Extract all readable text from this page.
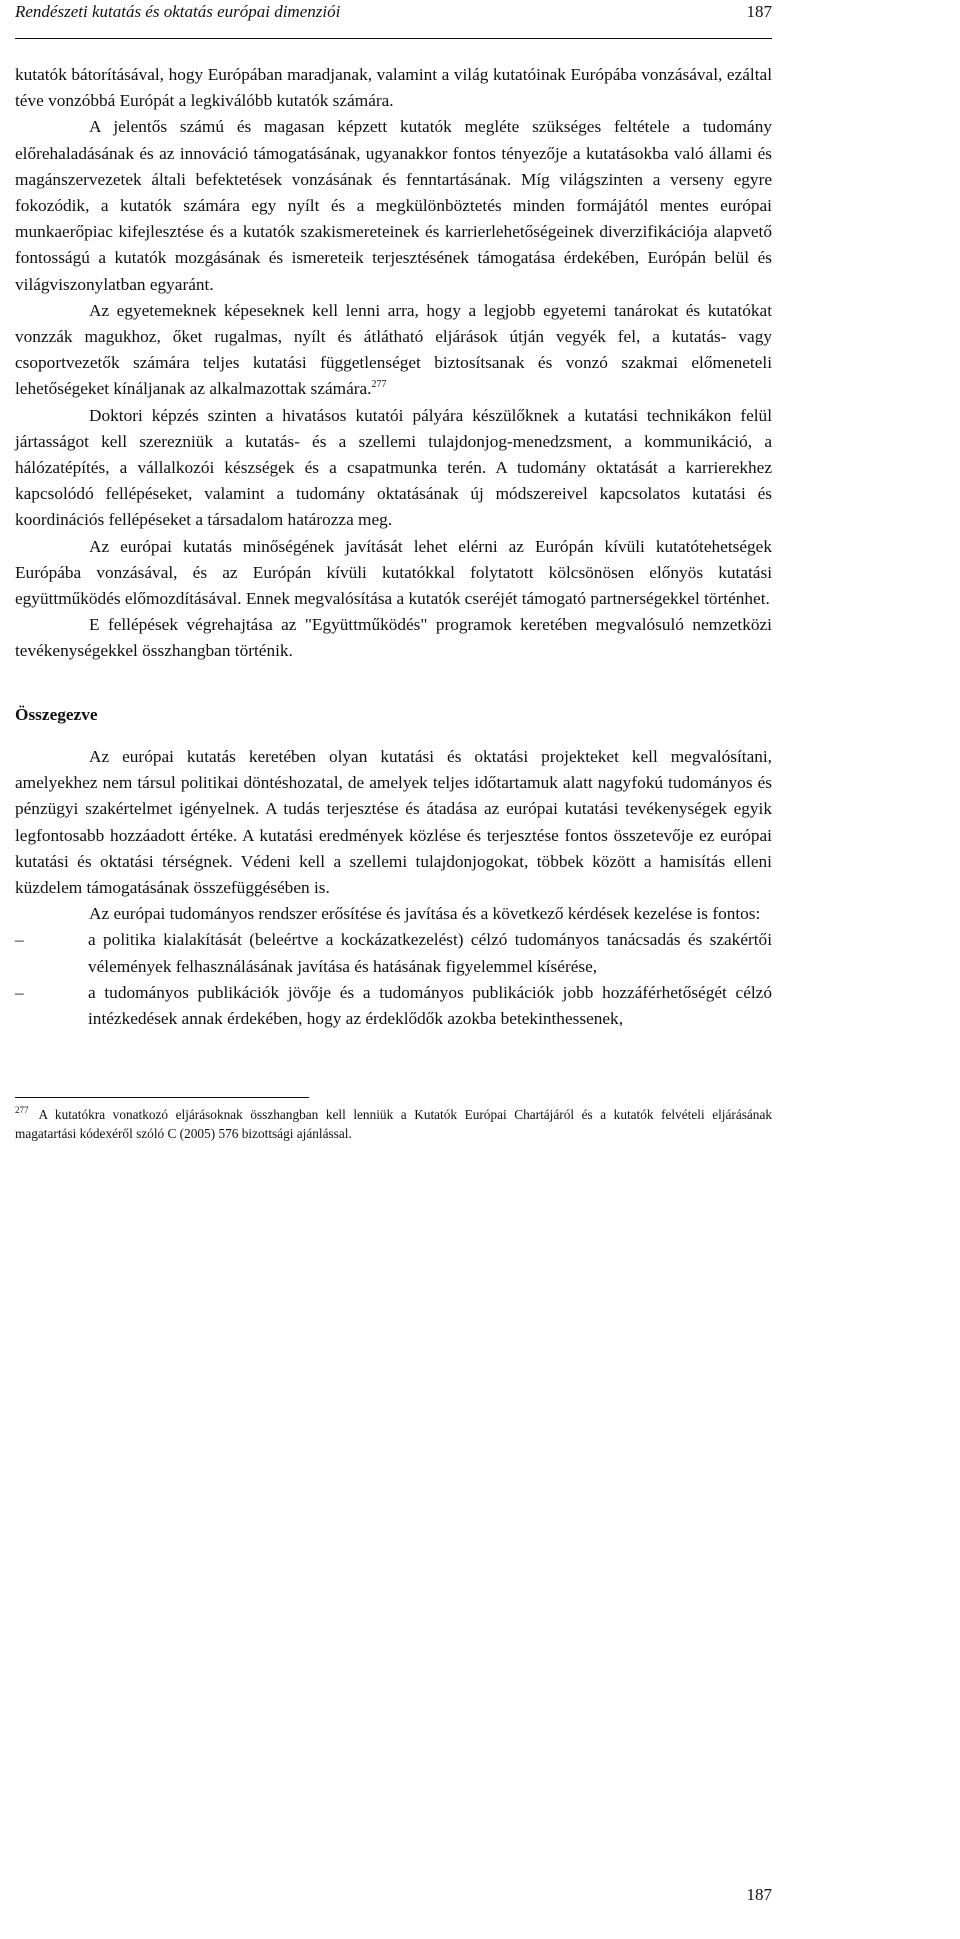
Rendészeti kutatás és oktatás európai dimenziói	187

kutatók bátorításával, hogy Európában maradjanak, valamint a világ kutatóinak Európába vonzásával, ezáltal téve vonzóbbá Európát a legkiválóbb kutatók számára.

A jelentős számú és magasan képzett kutatók megléte szükséges feltétele a tudomány előrehaladásának és az innováció támogatásának, ugyanakkor fontos tényezője a kutatásokba való állami és magánszervezetek általi befektetések vonzásának és fenntartásának. Míg világszinten a verseny egyre fokozódik, a kutatók számára egy nyílt és a megkülönböztetés minden formájától mentes európai munkaerőpiac kifejlesztése és a kutatók szakismereteinek és karrierlehetőségeinek diverzifikációja alapvető fontosságú a kutatók mozgásának és ismereteik terjesztésének támogatása érdekében, Európán belül és világviszonylatban egyaránt.

Az egyetemeknek képeseknek kell lenni arra, hogy a legjobb egyetemi tanárokat és kutatókat vonzzák magukhoz, őket rugalmas, nyílt és átlátható eljárások útján vegyék fel, a kutatás- vagy csoportvezetők számára teljes kutatási függetlenséget biztosítsanak és vonzó szakmai előmeneteli lehetőségeket kínáljanak az alkalmazottak számára.$^{277}$

Doktori képzés szinten a hivatásos kutatói pályára készülőknek a kutatási technikákon felül jártasságot kell szerezniük a kutatás- és a szellemi tulajdonjog-menedzsment, a kommunikáció, a hálózatépítés, a vállalkozói készségek és a csapatmunka terén. A tudomány oktatását a karrierekhez kapcsolódó fellépéseket, valamint a tudomány oktatásának új módszereivel kapcsolatos kutatási és koordinációs fellépéseket a társadalom határozza meg.

Az európai kutatás minőségének javítását lehet elérni az Európán kívüli kutatótehetségek Európába vonzásával, és az Európán kívüli kutatókkal folytatott kölcsönösen előnyös kutatási együttműködés előmozdításával. Ennek megvalósítása a kutatók cseréjét támogató partnerségekkel történhet.

E fellépések végrehajtása az "Együttműködés" programok keretében megvalósuló nemzetközi tevékenységekkel összhangban történik.

Összegezve

Az európai kutatás keretében olyan kutatási és oktatási projekteket kell megvalósítani, amelyekhez nem társul politikai döntéshozatal, de amelyek teljes időtartamuk alatt nagyfokú tudományos és pénzügyi szakértelmet igényelnek. A tudás terjesztése és átadása az európai kutatási tevékenységek egyik legfontosabb hozzáadott értéke. A kutatási eredmények közlése és terjesztése fontos összetevője ez európai kutatási és oktatási térségnek. Védeni kell a szellemi tulajdonjogokat, többek között a hamisítás elleni küzdelem támogatásának összefüggésében is.

Az európai tudományos rendszer erősítése és javítása és a következő kérdések kezelése is fontos:

–	a politika kialakítását (beleértve a kockázatkezelést) célzó tudományos tanácsadás és szakértői vélemények felhasználásának javítása és hatásának figyelemmel kísérése,
–	a tudományos publikációk jövője és a tudományos publikációk jobb hozzáférhetőségét célzó intézkedések annak érdekében, hogy az érdeklődők azokba betekinthessenek,
$^{277}$ A kutatókra vonatkozó eljárásoknak összhangban kell lenniük a Kutatók Európai Chartájáról és a kutatók felvételi eljárásának magatartási kódexéről szóló C (2005) 576 bizottsági ajánlással.
187
